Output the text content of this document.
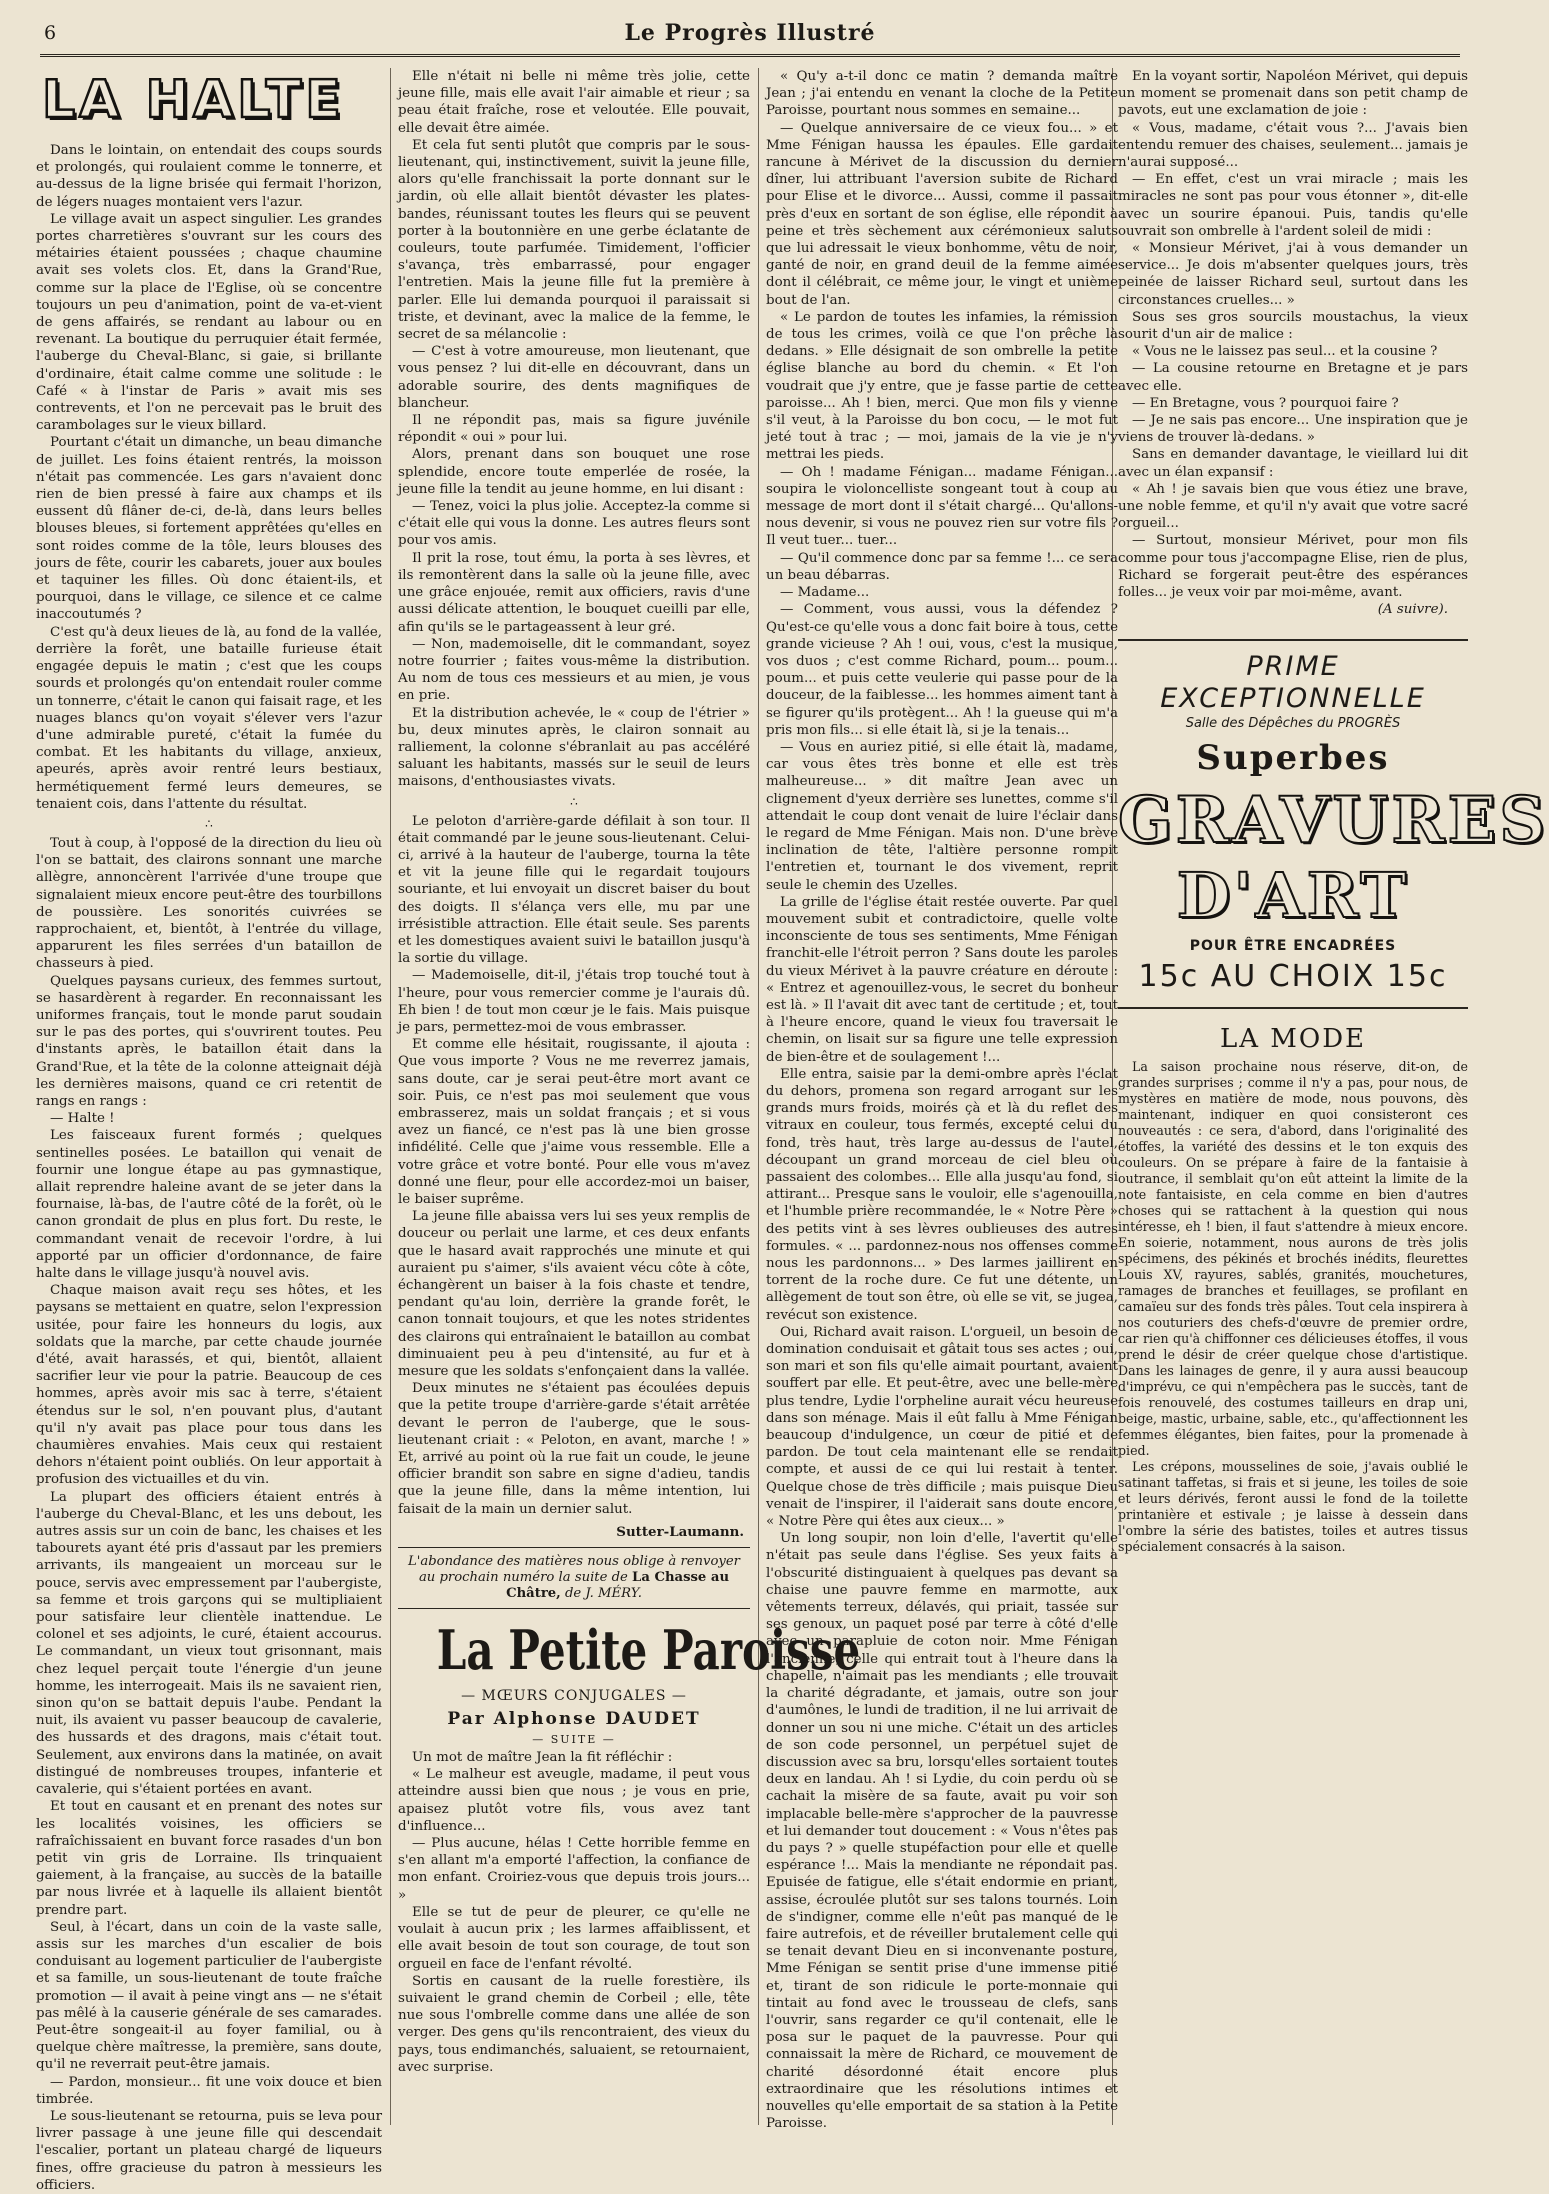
6	Le Progrès Illustré
LA HALTE

Dans le lointain, on entendait des coups sourds et prolongés, qui roulaient comme le tonnerre, et au-dessus de la ligne brisée qui fermait l'horizon, de légers nuages montaient vers l'azur.

Le village avait un aspect singulier. Les grandes portes charretières s'ouvrant sur les cours des métairies étaient poussées ; chaque chaumine avait ses volets clos. Et, dans la Grand'Rue, comme sur la place de l'Eglise, où se concentre toujours un peu d'animation, point de va-et-vient de gens affairés, se rendant au labour ou en revenant. La boutique du perruquier était fermée, l'auberge du Cheval-Blanc, si gaie, si brillante d'ordinaire, était calme comme une solitude : le Café « à l'instar de Paris » avait mis ses contrevents, et l'on ne percevait pas le bruit des carambolages sur le vieux billard.

Pourtant c'était un dimanche, un beau dimanche de juillet. Les foins étaient rentrés, la moisson n'était pas commencée. Les gars n'avaient donc rien de bien pressé à faire aux champs et ils eussent dû flâner de-ci, de-là, dans leurs belles blouses bleues, si fortement apprêtées qu'elles en sont roides comme de la tôle, leurs blouses des jours de fête, courir les cabarets, jouer aux boules et taquiner les filles. Où donc étaient-ils, et pourquoi, dans le village, ce silence et ce calme inaccoutumés ?

C'est qu'à deux lieues de là, au fond de la vallée, derrière la forêt, une bataille furieuse était engagée depuis le matin ; c'est que les coups sourds et prolongés qu'on entendait rouler comme un tonnerre, c'était le canon qui faisait rage, et les nuages blancs qu'on voyait s'élever vers l'azur d'une admirable pureté, c'était la fumée du combat. Et les habitants du village, anxieux, apeurés, après avoir rentré leurs bestiaux, hermétiquement fermé leurs demeures, se tenaient cois, dans l'attente du résultat.

∴

Tout à coup, à l'opposé de la direction du lieu où l'on se battait, des clairons sonnant une marche allègre, annoncèrent l'arrivée d'une troupe que signalaient mieux encore peut-être des tourbillons de poussière. Les sonorités cuivrées se rapprochaient, et, bientôt, à l'entrée du village, apparurent les files serrées d'un bataillon de chasseurs à pied.

Quelques paysans curieux, des femmes surtout, se hasardèrent à regarder. En reconnaissant les uniformes français, tout le monde parut soudain sur le pas des portes, qui s'ouvrirent toutes. Peu d'instants après, le bataillon était dans la Grand'Rue, et la tête de la colonne atteignait déjà les dernières maisons, quand ce cri retentit de rangs en rangs :

— Halte !

Les faisceaux furent formés ; quelques sentinelles posées. Le bataillon qui venait de fournir une longue étape au pas gymnastique, allait reprendre haleine avant de se jeter dans la fournaise, là-bas, de l'autre côté de la forêt, où le canon grondait de plus en plus fort. Du reste, le commandant venait de recevoir l'ordre, à lui apporté par un officier d'ordonnance, de faire halte dans le village jusqu'à nouvel avis.

Chaque maison avait reçu ses hôtes, et les paysans se mettaient en quatre, selon l'expression usitée, pour faire les honneurs du logis, aux soldats que la marche, par cette chaude journée d'été, avait harassés, et qui, bientôt, allaient sacrifier leur vie pour la patrie. Beaucoup de ces hommes, après avoir mis sac à terre, s'étaient étendus sur le sol, n'en pouvant plus, d'autant qu'il n'y avait pas place pour tous dans les chaumières envahies. Mais ceux qui restaient dehors n'étaient point oubliés. On leur apportait à profusion des victuailles et du vin.

La plupart des officiers étaient entrés à l'auberge du Cheval-Blanc, et les uns debout, les autres assis sur un coin de banc, les chaises et les tabourets ayant été pris d'assaut par les premiers arrivants, ils mangeaient un morceau sur le pouce, servis avec empressement par l'aubergiste, sa femme et trois garçons qui se multipliaient pour satisfaire leur clientèle inattendue. Le colonel et ses adjoints, le curé, étaient accourus. Le commandant, un vieux tout grisonnant, mais chez lequel perçait toute l'énergie d'un jeune homme, les interrogeait. Mais ils ne savaient rien, sinon qu'on se battait depuis l'aube. Pendant la nuit, ils avaient vu passer beaucoup de cavalerie, des hussards et des dragons, mais c'était tout. Seulement, aux environs dans la matinée, on avait distingué de nombreuses troupes, infanterie et cavalerie, qui s'étaient portées en avant.

Et tout en causant et en prenant des notes sur les localités voisines, les officiers se rafraîchissaient en buvant force rasades d'un bon petit vin gris de Lorraine. Ils trinquaient gaiement, à la française, au succès de la bataille par nous livrée et à laquelle ils allaient bientôt prendre part.

Seul, à l'écart, dans un coin de la vaste salle, assis sur les marches d'un escalier de bois conduisant au logement particulier de l'aubergiste et sa famille, un sous-lieutenant de toute fraîche promotion — il avait à peine vingt ans — ne s'était pas mêlé à la causerie générale de ses camarades. Peut-être songeait-il au foyer familial, ou à quelque chère maîtresse, la première, sans doute, qu'il ne reverrait peut-être jamais.

— Pardon, monsieur... fit une voix douce et bien timbrée.

Le sous-lieutenant se retourna, puis se leva pour livrer passage à une jeune fille qui descendait l'escalier, portant un plateau chargé de liqueurs fines, offre gracieuse du patron à messieurs les officiers.

Elle n'était ni belle ni même très jolie, cette jeune fille, mais elle avait l'air aimable et rieur ; sa peau était fraîche, rose et veloutée. Elle pouvait, elle devait être aimée.

Et cela fut senti plutôt que compris par le sous-lieutenant, qui, instinctivement, suivit la jeune fille, alors qu'elle franchissait la porte donnant sur le jardin, où elle allait bientôt dévaster les plates-bandes, réunissant toutes les fleurs qui se peuvent porter à la boutonnière en une gerbe éclatante de couleurs, toute parfumée. Timidement, l'officier s'avança, très embarrassé, pour engager l'entretien. Mais la jeune fille fut la première à parler. Elle lui demanda pourquoi il paraissait si triste, et devinant, avec la malice de la femme, le secret de sa mélancolie :

— C'est à votre amoureuse, mon lieutenant, que vous pensez ? lui dit-elle en découvrant, dans un adorable sourire, des dents magnifiques de blancheur.

Il ne répondit pas, mais sa figure juvénile répondit « oui » pour lui.

Alors, prenant dans son bouquet une rose splendide, encore toute emperlée de rosée, la jeune fille la tendit au jeune homme, en lui disant :

— Tenez, voici la plus jolie. Acceptez-la comme si c'était elle qui vous la donne. Les autres fleurs sont pour vos amis.

Il prit la rose, tout ému, la porta à ses lèvres, et ils remontèrent dans la salle où la jeune fille, avec une grâce enjouée, remit aux officiers, ravis d'une aussi délicate attention, le bouquet cueilli par elle, afin qu'ils se le partageassent à leur gré.

— Non, mademoiselle, dit le commandant, soyez notre fourrier ; faites vous-même la distribution. Au nom de tous ces messieurs et au mien, je vous en prie.

Et la distribution achevée, le « coup de l'étrier » bu, deux minutes après, le clairon sonnait au ralliement, la colonne s'ébranlait au pas accéléré saluant les habitants, massés sur le seuil de leurs maisons, d'enthousiastes vivats.

∴

Le peloton d'arrière-garde défilait à son tour. Il était commandé par le jeune sous-lieutenant. Celui-ci, arrivé à la hauteur de l'auberge, tourna la tête et vit la jeune fille qui le regardait toujours souriante, et lui envoyait un discret baiser du bout des doigts. Il s'élança vers elle, mu par une irrésistible attraction. Elle était seule. Ses parents et les domestiques avaient suivi le bataillon jusqu'à la sortie du village.

— Mademoiselle, dit-il, j'étais trop touché tout à l'heure, pour vous remercier comme je l'aurais dû. Eh bien ! de tout mon cœur je le fais. Mais puisque je pars, permettez-moi de vous embrasser.

Et comme elle hésitait, rougissante, il ajouta : Que vous importe ? Vous ne me reverrez jamais, sans doute, car je serai peut-être mort avant ce soir. Puis, ce n'est pas moi seulement que vous embrasserez, mais un soldat français ; et si vous avez un fiancé, ce n'est pas là une bien grosse infidélité. Celle que j'aime vous ressemble. Elle a votre grâce et votre bonté. Pour elle vous m'avez donné une fleur, pour elle accordez-moi un baiser, le baiser suprême.

La jeune fille abaissa vers lui ses yeux remplis de douceur ou perlait une larme, et ces deux enfants que le hasard avait rapprochés une minute et qui auraient pu s'aimer, s'ils avaient vécu côte à côte, échangèrent un baiser à la fois chaste et tendre, pendant qu'au loin, derrière la grande forêt, le canon tonnait toujours, et que les notes stridentes des clairons qui entraînaient le bataillon au combat diminuaient peu à peu d'intensité, au fur et à mesure que les soldats s'enfonçaient dans la vallée.

Deux minutes ne s'étaient pas écoulées depuis que la petite troupe d'arrière-garde s'était arrêtée devant le perron de l'auberge, que le sous-lieutenant criait : « Peloton, en avant, marche ! » Et, arrivé au point où la rue fait un coude, le jeune officier brandit son sabre en signe d'adieu, tandis que la jeune fille, dans la même intention, lui faisait de la main un dernier salut.

Sutter-Laumann.
L'abondance des matières nous oblige à renvoyer au prochain numéro la suite de La Chasse au Châtre, de J. MÉRY.
La Petite Paroisse
— MŒURS CONJUGALES —
Par Alphonse DAUDET
— SUITE —

Un mot de maître Jean la fit réfléchir :

« Le malheur est aveugle, madame, il peut vous atteindre aussi bien que nous ; je vous en prie, apaisez plutôt votre fils, vous avez tant d'influence...

— Plus aucune, hélas ! Cette horrible femme en s'en allant m'a emporté l'affection, la confiance de mon enfant. Croiriez-vous que depuis trois jours... »

Elle se tut de peur de pleurer, ce qu'elle ne voulait à aucun prix ; les larmes affaiblissent, et elle avait besoin de tout son courage, de tout son orgueil en face de l'enfant révolté.

Sortis en causant de la ruelle forestière, ils suivaient le grand chemin de Corbeil ; elle, tête nue sous l'ombrelle comme dans une allée de son verger. Des gens qu'ils rencontraient, des vieux du pays, tous endimanchés, saluaient, se retournaient, avec surprise.

« Qu'y a-t-il donc ce matin ? demanda maître Jean ; j'ai entendu en venant la cloche de la Petite Paroisse, pourtant nous sommes en semaine...

— Quelque anniversaire de ce vieux fou... » et Mme Fénigan haussa les épaules. Elle gardait rancune à Mérivet de la discussion du dernier dîner, lui attribuant l'aversion subite de Richard pour Elise et le divorce... Aussi, comme il passait près d'eux en sortant de son église, elle répondit à peine et très sèchement aux cérémonieux saluts que lui adressait le vieux bonhomme, vêtu de noir, ganté de noir, en grand deuil de la femme aimée dont il célébrait, ce même jour, le vingt et unième bout de l'an.

« Le pardon de toutes les infamies, la rémission de tous les crimes, voilà ce que l'on prêche là dedans. » Elle désignait de son ombrelle la petite église blanche au bord du chemin. « Et l'on voudrait que j'y entre, que je fasse partie de cette paroisse... Ah ! bien, merci. Que mon fils y vienne s'il veut, à la Paroisse du bon cocu, — le mot fut jeté tout à trac ; — moi, jamais de la vie je n'y mettrai les pieds.

— Oh ! madame Fénigan... madame Fénigan... soupira le violoncelliste songeant tout à coup au message de mort dont il s'était chargé... Qu'allons-nous devenir, si vous ne pouvez rien sur votre fils ? Il veut tuer... tuer...

— Qu'il commence donc par sa femme !... ce sera un beau débarras.

— Madame...

— Comment, vous aussi, vous la défendez ? Qu'est-ce qu'elle vous a donc fait boire à tous, cette grande vicieuse ? Ah ! oui, vous, c'est la musique, vos duos ; c'est comme Richard, poum... poum... poum... et puis cette veulerie qui passe pour de la douceur, de la faiblesse... les hommes aiment tant à se figurer qu'ils protègent... Ah ! la gueuse qui m'a pris mon fils... si elle était là, si je la tenais...

— Vous en auriez pitié, si elle était là, madame, car vous êtes très bonne et elle est très malheureuse... » dit maître Jean avec un clignement d'yeux derrière ses lunettes, comme s'il attendait le coup dont venait de luire l'éclair dans le regard de Mme Fénigan. Mais non. D'une brève inclination de tête, l'altière personne rompit l'entretien et, tournant le dos vivement, reprit seule le chemin des Uzelles.

La grille de l'église était restée ouverte. Par quel mouvement subit et contradictoire, quelle volte inconsciente de tous ses sentiments, Mme Fénigan franchit-elle l'étroit perron ? Sans doute les paroles du vieux Mérivet à la pauvre créature en déroute : « Entrez et agenouillez-vous, le secret du bonheur est là. » Il l'avait dit avec tant de certitude ; et, tout à l'heure encore, quand le vieux fou traversait le chemin, on lisait sur sa figure une telle expression de bien-être et de soulagement !...

Elle entra, saisie par la demi-ombre après l'éclat du dehors, promena son regard arrogant sur les grands murs froids, moirés çà et là du reflet des vitraux en couleur, tous fermés, excepté celui du fond, très haut, très large au-dessus de l'autel, découpant un grand morceau de ciel bleu où passaient des colombes... Elle alla jusqu'au fond, si attirant... Presque sans le vouloir, elle s'agenouilla, et l'humble prière recommandée, le « Notre Père » des petits vint à ses lèvres oublieuses des autres formules. « ... pardonnez-nous nos offenses comme nous les pardonnons... » Des larmes jaillirent en torrent de la roche dure. Ce fut une détente, un allègement de tout son être, où elle se vit, se jugea, revécut son existence.

Oui, Richard avait raison. L'orgueil, un besoin de domination conduisait et gâtait tous ses actes ; oui, son mari et son fils qu'elle aimait pourtant, avaient souffert par elle. Et peut-être, avec une belle-mère plus tendre, Lydie l'orpheline aurait vécu heureuse dans son ménage. Mais il eût fallu à Mme Fénigan beaucoup d'indulgence, un cœur de pitié et de pardon. De tout cela maintenant elle se rendait compte, et aussi de ce qui lui restait à tenter. Quelque chose de très difficile ; mais puisque Dieu venait de l'inspirer, il l'aiderait sans doute encore, « Notre Père qui êtes aux cieux... »

Un long soupir, non loin d'elle, l'avertit qu'elle n'était pas seule dans l'église. Ses yeux faits à l'obscurité distinguaient à quelques pas devant sa chaise une pauvre femme en marmotte, aux vêtements terreux, délavés, qui priait, tassée sur ses genoux, un paquet posé par terre à côté d'elle avec un parapluie de coton noir. Mme Fénigan l'ancienne, celle qui entrait tout à l'heure dans la chapelle, n'aimait pas les mendiants ; elle trouvait la charité dégradante, et jamais, outre son jour d'aumônes, le lundi de tradition, il ne lui arrivait de donner un sou ni une miche. C'était un des articles de son code personnel, un perpétuel sujet de discussion avec sa bru, lorsqu'elles sortaient toutes deux en landau. Ah ! si Lydie, du coin perdu où se cachait la misère de sa faute, avait pu voir son implacable belle-mère s'approcher de la pauvresse et lui demander tout doucement : « Vous n'êtes pas du pays ? » quelle stupéfaction pour elle et quelle espérance !... Mais la mendiante ne répondait pas. Epuisée de fatigue, elle s'était endormie en priant, assise, écroulée plutôt sur ses talons tournés. Loin de s'indigner, comme elle n'eût pas manqué de le faire autrefois, et de réveiller brutalement celle qui se tenait devant Dieu en si inconvenante posture, Mme Fénigan se sentit prise d'une immense pitié et, tirant de son ridicule le porte-monnaie qui tintait au fond avec le trousseau de clefs, sans l'ouvrir, sans regarder ce qu'il contenait, elle le posa sur le paquet de la pauvresse. Pour qui connaissait la mère de Richard, ce mouvement de charité désordonné était encore plus extraordinaire que les résolutions intimes et nouvelles qu'elle emportait de sa station à la Petite Paroisse.

En la voyant sortir, Napoléon Mérivet, qui depuis un moment se promenait dans son petit champ de pavots, eut une exclamation de joie :

« Vous, madame, c'était vous ?... J'avais bien entendu remuer des chaises, seulement... jamais je n'aurai supposé...

— En effet, c'est un vrai miracle ; mais les miracles ne sont pas pour vous étonner », dit-elle avec un sourire épanoui. Puis, tandis qu'elle ouvrait son ombrelle à l'ardent soleil de midi :

« Monsieur Mérivet, j'ai à vous demander un service... Je dois m'absenter quelques jours, très peinée de laisser Richard seul, surtout dans les circonstances cruelles... »

Sous ses gros sourcils moustachus, la vieux sourit d'un air de malice :

« Vous ne le laissez pas seul... et la cousine ?

— La cousine retourne en Bretagne et je pars avec elle.

— En Bretagne, vous ? pourquoi faire ?

— Je ne sais pas encore... Une inspiration que je viens de trouver là-dedans. »

Sans en demander davantage, le vieillard lui dit avec un élan expansif :

« Ah ! je savais bien que vous étiez une brave, une noble femme, et qu'il n'y avait que votre sacré orgueil...

— Surtout, monsieur Mérivet, pour mon fils comme pour tous j'accompagne Elise, rien de plus, Richard se forgerait peut-être des espérances folles... je veux voir par moi-même, avant.

(A suivre).
PRIME EXCEPTIONNELLE
Salle des Dépêches du PROGRÈS
Superbes
GRAVURES
D'ART
POUR ÊTRE ENCADRÉES
15c AU CHOIX 15c
LA MODE

La saison prochaine nous réserve, dit-on, de grandes surprises ; comme il n'y a pas, pour nous, de mystères en matière de mode, nous pouvons, dès maintenant, indiquer en quoi consisteront ces nouveautés : ce sera, d'abord, dans l'originalité des étoffes, la variété des dessins et le ton exquis des couleurs. On se prépare à faire de la fantaisie à outrance, il semblait qu'on eût atteint la limite de la note fantaisiste, en cela comme en bien d'autres choses qui se rattachent à la question qui nous intéresse, eh ! bien, il faut s'attendre à mieux encore. En soierie, notamment, nous aurons de très jolis spécimens, des pékinés et brochés inédits, fleurettes Louis XV, rayures, sablés, granités, mouchetures, ramages de branches et feuillages, se profilant en camaïeu sur des fonds très pâles. Tout cela inspirera à nos couturiers des chefs-d'œuvre de premier ordre, car rien qu'à chiffonner ces délicieuses étoffes, il vous prend le désir de créer quelque chose d'artistique. Dans les lainages de genre, il y aura aussi beaucoup d'imprévu, ce qui n'empêchera pas le succès, tant de fois renouvelé, des costumes tailleurs en drap uni, beige, mastic, urbaine, sable, etc., qu'affectionnent les femmes élégantes, bien faites, pour la promenade à pied.

Les crépons, mousselines de soie, j'avais oublié le satinant taffetas, si frais et si jeune, les toiles de soie et leurs dérivés, feront aussi le fond de la toilette printanière et estivale ; je laisse à dessein dans l'ombre la série des batistes, toiles et autres tissus spécialement consacrés à la saison.
